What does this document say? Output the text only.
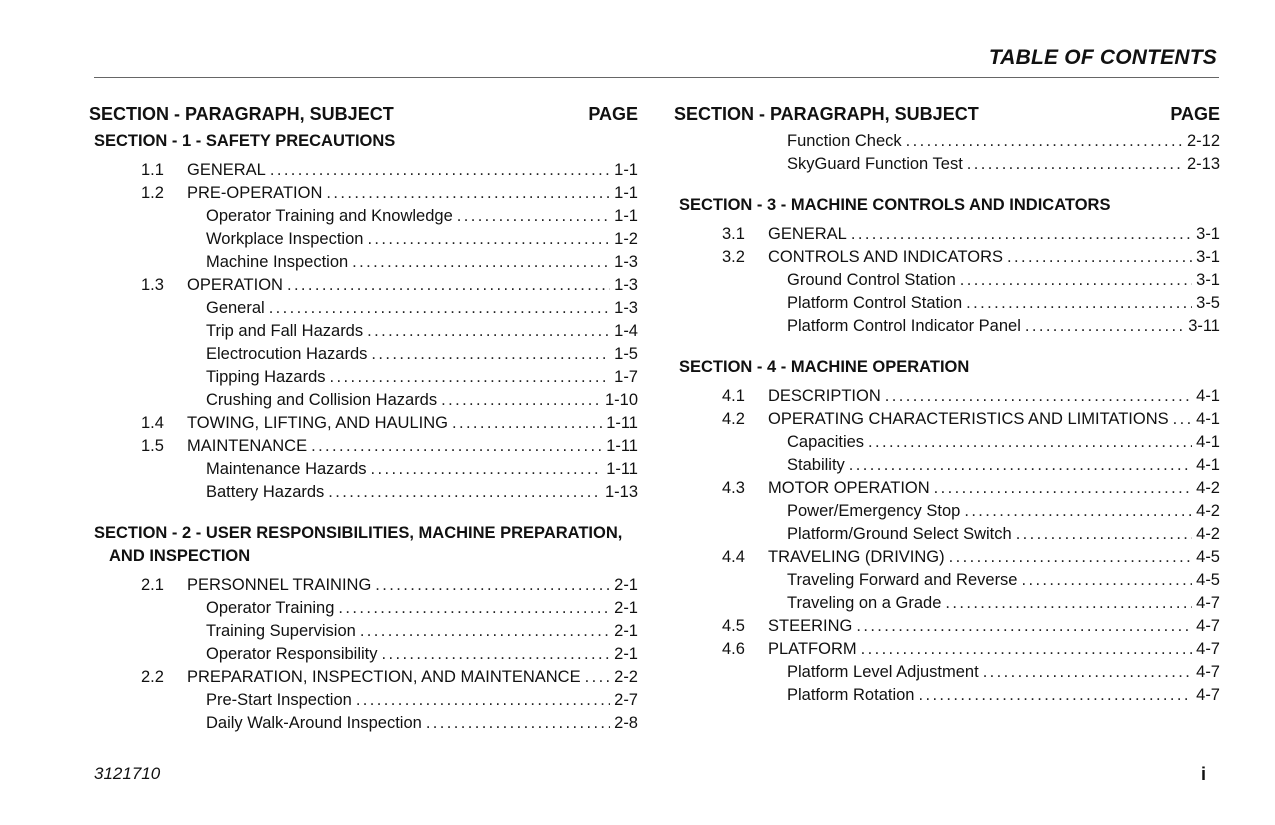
TABLE OF CONTENTS
SECTION - PARAGRAPH, SUBJECT	PAGE
SECTION - 1 - SAFETY PRECAUTIONS
1.1	GENERAL .....	1-1
1.2	PRE-OPERATION .....	1-1
Operator Training and Knowledge .....	1-1
Workplace Inspection .....	1-2
Machine Inspection .....	1-3
1.3	OPERATION .....	1-3
General .....	1-3
Trip and Fall Hazards .....	1-4
Electrocution Hazards .....	1-5
Tipping Hazards .....	1-7
Crushing and Collision Hazards .....	1-10
1.4	TOWING, LIFTING, AND HAULING .....	1-11
1.5	MAINTENANCE .....	1-11
Maintenance Hazards .....	1-11
Battery Hazards .....	1-13
SECTION - 2 - USER RESPONSIBILITIES, MACHINE PREPARATION,
AND INSPECTION
2.1	PERSONNEL TRAINING .....	2-1
Operator Training .....	2-1
Training Supervision .....	2-1
Operator Responsibility .....	2-1
2.2	PREPARATION, INSPECTION, AND MAINTENANCE ..... 2-2
Pre-Start Inspection .....	2-7
Daily Walk-Around Inspection .....	2-8
SECTION - PARAGRAPH, SUBJECT	PAGE
Function Check .....	2-12
SkyGuard Function Test .....	2-13
SECTION - 3 - MACHINE CONTROLS AND INDICATORS
3.1	GENERAL .....	3-1
3.2	CONTROLS AND INDICATORS .....	3-1
Ground Control Station .....	3-1
Platform Control Station .....	3-5
Platform Control Indicator Panel .....	3-11
SECTION - 4 - MACHINE OPERATION
4.1	DESCRIPTION .....	4-1
4.2	OPERATING CHARACTERISTICS AND LIMITATIONS ..... 4-1
Capacities .....	4-1
Stability .....	4-1
4.3	MOTOR OPERATION .....	4-2
Power/Emergency Stop .....	4-2
Platform/Ground Select Switch .....	4-2
4.4	TRAVELING (DRIVING) .....	4-5
Traveling Forward and Reverse .....	4-5
Traveling on a Grade .....	4-7
4.5	STEERING .....	4-7
4.6	PLATFORM .....	4-7
Platform Level Adjustment .....	4-7
Platform Rotation .....	4-7
3121710	i
